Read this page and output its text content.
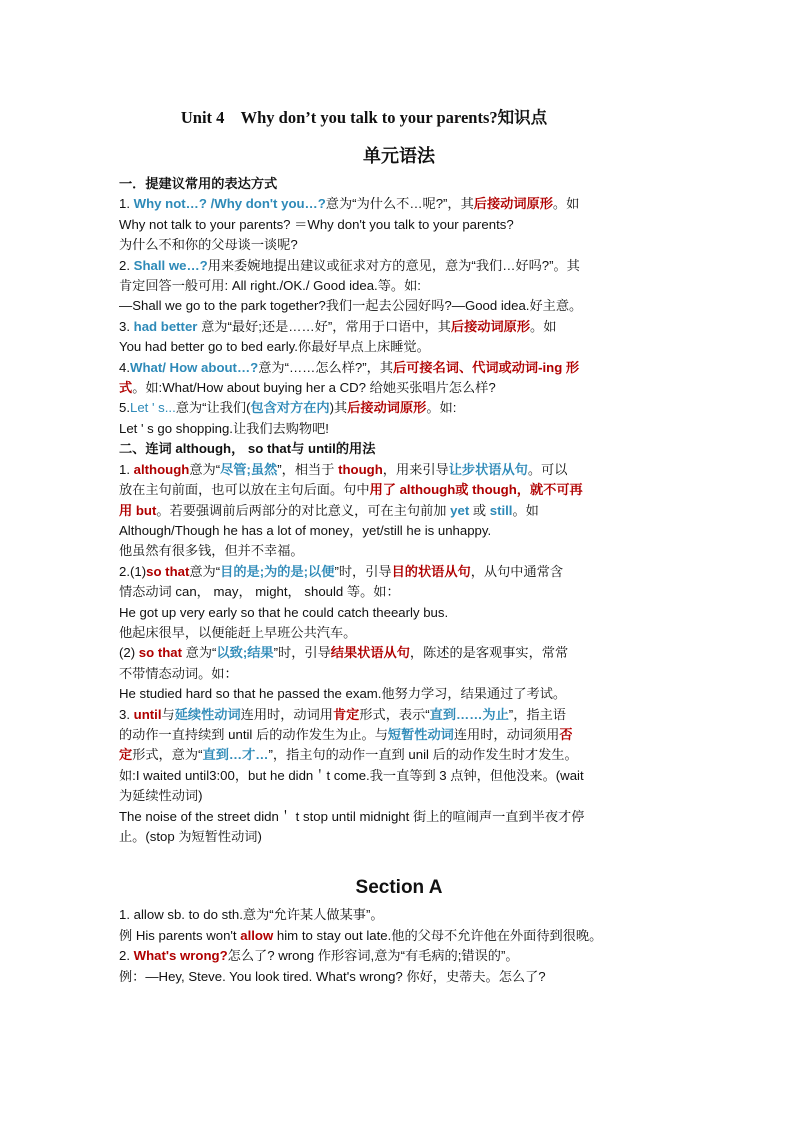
Unit 4    Why don’t you talk to your parents?知识点
单元语法
一．提建议常用的表达方式
1. Why not…? /Why don't you…?意为“为什么不…呢?”，其后接动词原形。如
Why not talk to your parents? ＝Why don't you talk to your parents?
为什么不和你的父母谈一谈呢?
2. Shall we…?用来委婉地提出建议或征求对方的意见，意为“我们…好吗?”。其
肯定回答一般可用: All right./OK./ Good idea.等。如:
—Shall we go to the park together?我们一起去公园好吗?—Good idea.好主意。
3. had better 意为“最好;还是……好”，常用于口语中，其后接动词原形。如
You had better go to bed early.你最好早点上床睡觉。
4.What/ How about…?意为“……怎么样?”，其后可接名词、代词或动词-ing 形
式。如:What/How about buying her a CD? 给她买张唱片怎么样?
5.Let ' s...意为“让我们(包含对方在内)其后接动词原形。如:
Let ' s go shopping.让我们去购物吧!
二、连词 although， so that与 until的用法
1. although意为“尽管;虽然”，相当于 though，用来引导让步状语从句。可以
放在主句前面，也可以放在主句后面。句中用了 although或 though，就不可再
用 but。若要强调前后两部分的对比意义，可在主句前加 yet 或 still。如
Although/Though he has a lot of money，yet/still he is unhappy.
他虽然有很多钱，但并不幸福。
2.(1)so that意为“目的是;为的是;以便”时，引导目的状语从句，从句中通常含
情态动词 can， may， might， should 等。如：
He got up very early so that he could catch theearly bus.
他起床很早，以便能赶上早班公共汽车。
(2) so that 意为“以致;结果”时，引导结果状语从句，陈述的是客观事实，常常
不带情态动词。如：
He studied hard so that he passed the exam.他努力学习，结果通过了考试。
3. until与延续性动词连用时，动词用肯定形式，表示“直到……为止”，指主语
的动作一直持续到 until 后的动作发生为止。与短暂性动词连用时，动词须用否
定形式，意为“直到…才…”，指主句的动作一直到 unil 后的动作发生时才发生。
如:I waited until3:00，but he didn＇t come.我一直等到 3 点钟，但他没来。(wait
为延续性动词)
The noise of the street didn＇ t stop until midnight 街上的喧闹声一直到半夜才停
止。(stop 为短暂性动词)
Section A
1. allow sb. to do sth.意为“允许某人做某事”。
例 His parents won't allow him to stay out late.他的父母不允许他在外面待到很晚。
2. What's wrong?怎么了? wrong 作形容词,意为“有毛病的;错误的”。
例：—Hey, Steve. You look tired. What's wrong? 你好，史蒂夫。怎么了?
